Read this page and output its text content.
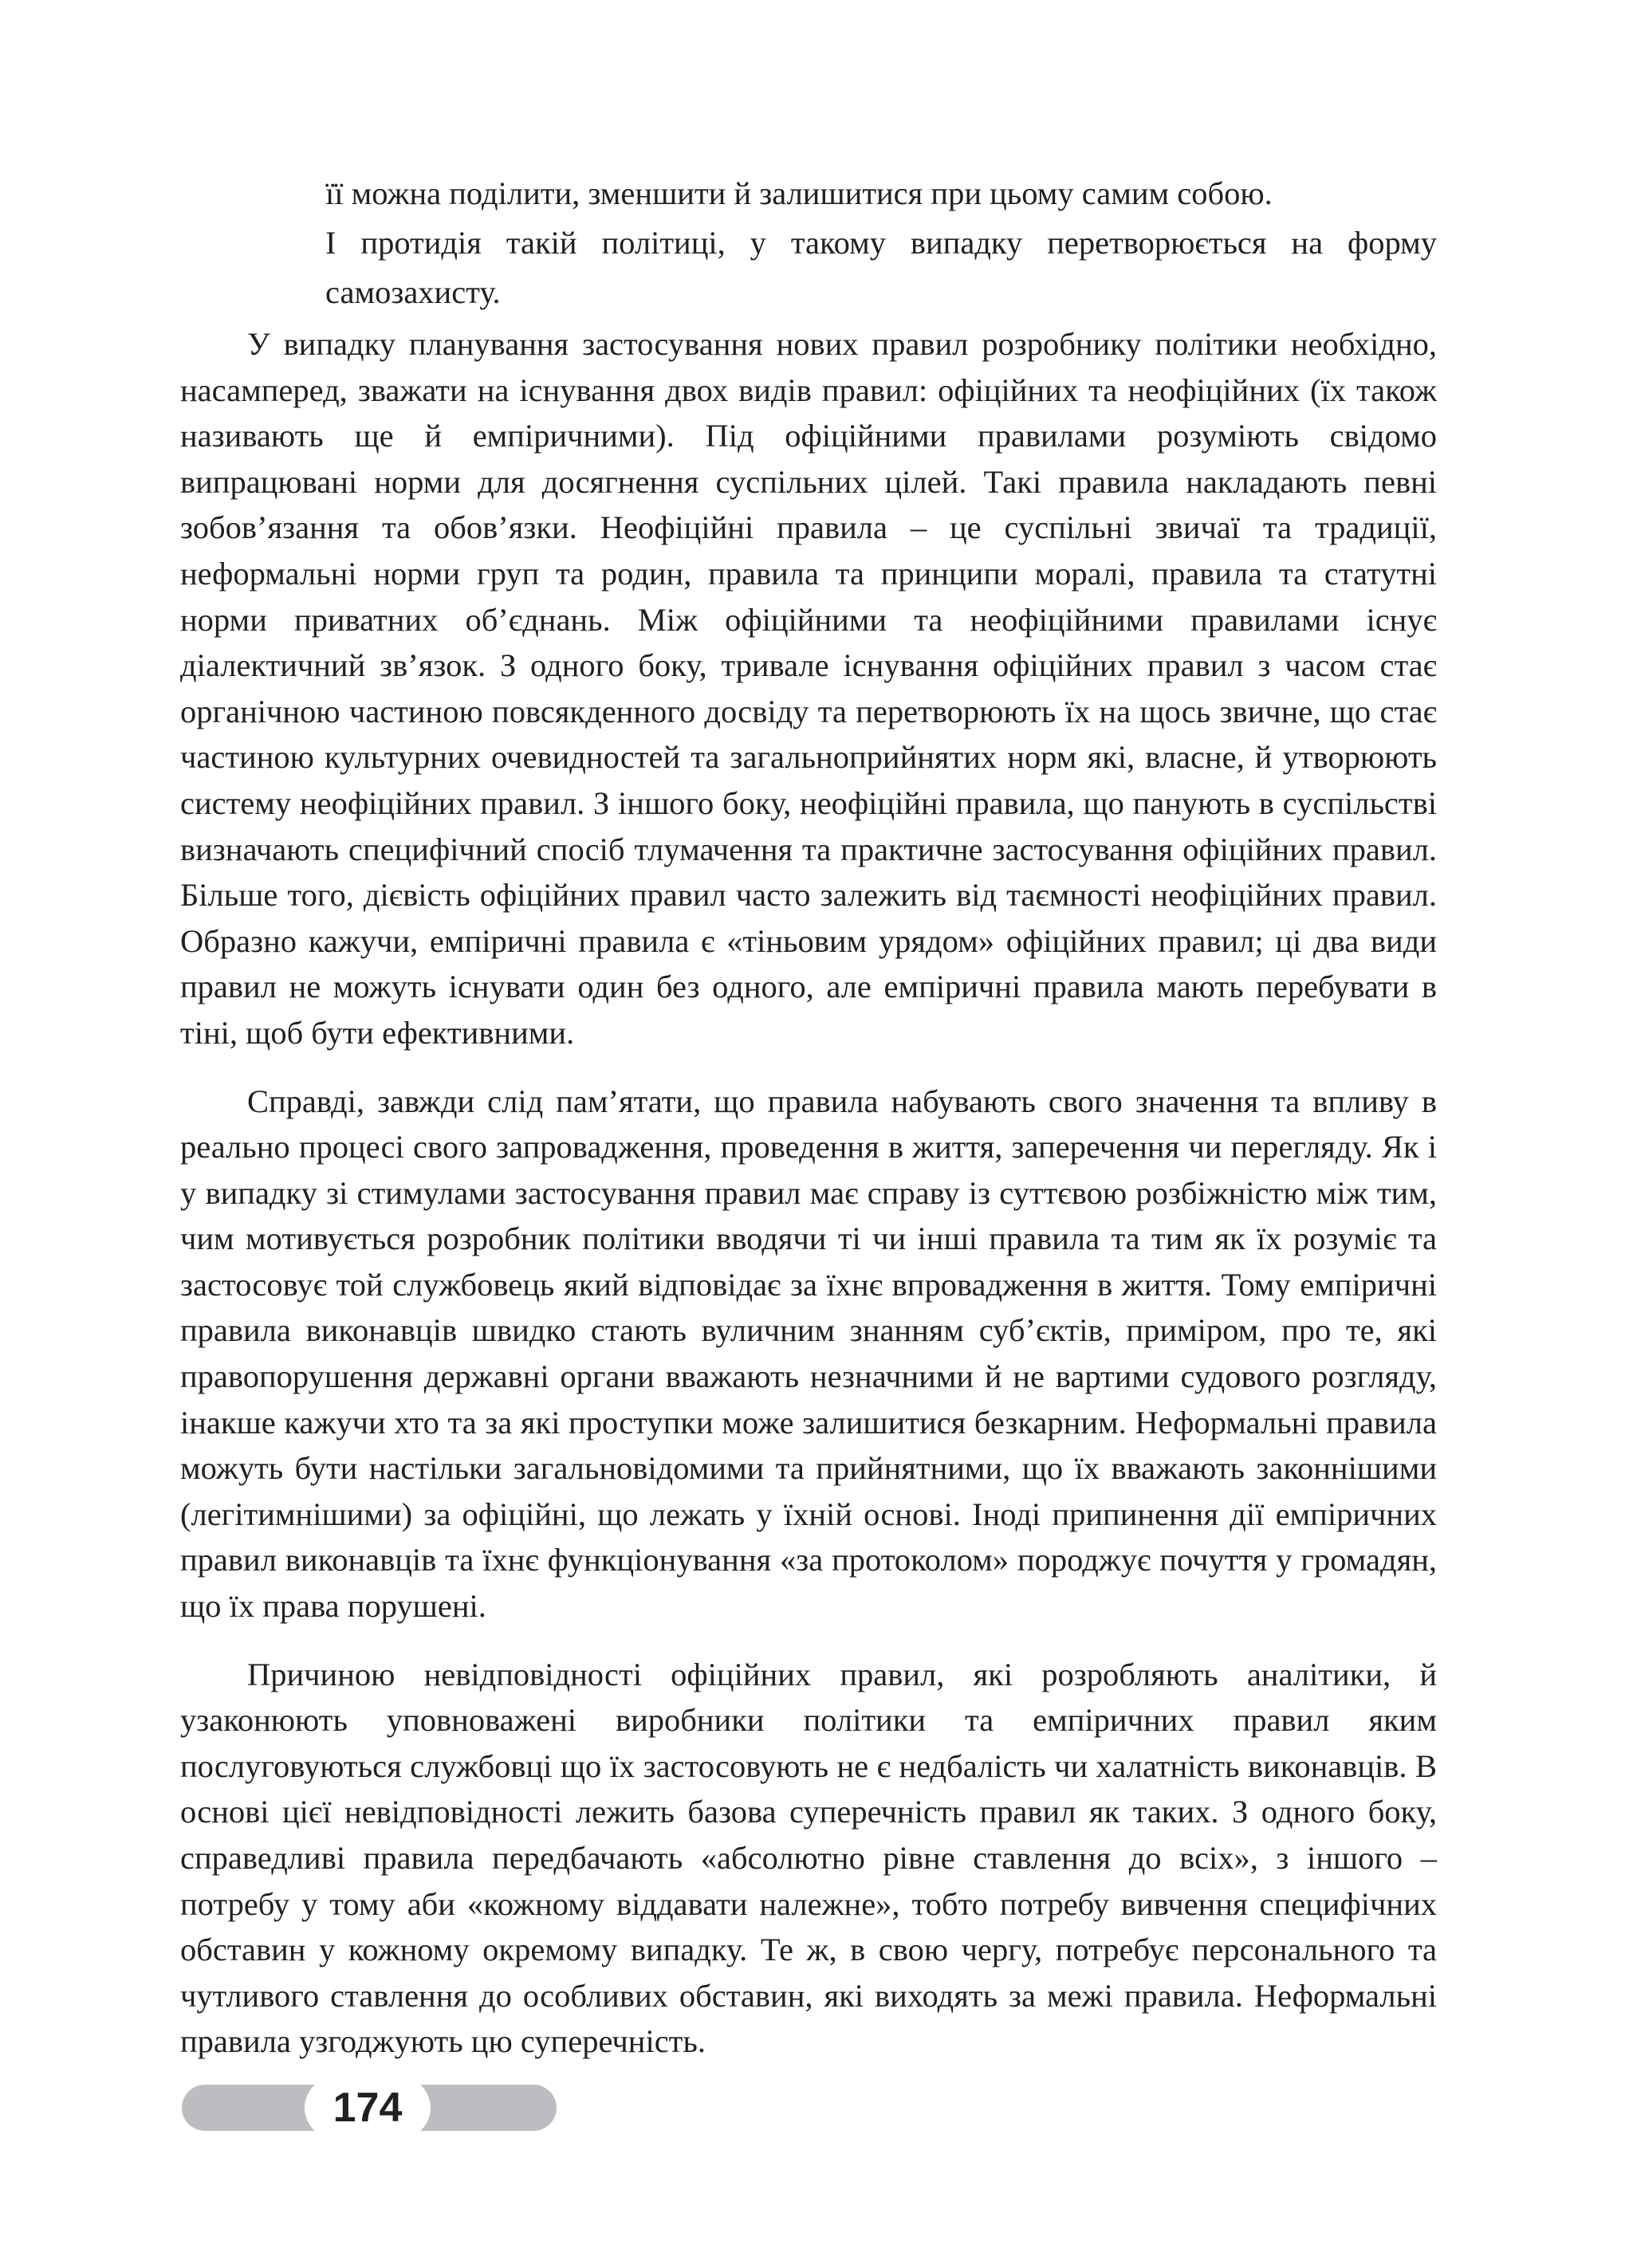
її можна поділити, зменшити й залишитися при цьому самим собою.

І протидія такій політиці, у такому випадку перетворюється на форму самозахисту.

У випадку планування застосування нових правил розробнику політики необхідно, насамперед, зважати на існування двох видів правил: офіційних та неофіційних (їх також називають ще й емпіричними). Під офіційними правилами розуміють свідомо випрацювані норми для досягнення суспільних цілей. Такі правила накладають певні зобов’язання та обов’язки. Неофіційні правила – це суспільні звичаї та традиції, неформальні норми груп та родин, правила та принципи моралі, правила та статутні норми приватних об’єднань. Між офіційними та неофіційними правилами існує діалектичний зв’язок. З одного боку, тривале існування офіційних правил з часом стає органічною частиною повсякденного досвіду та перетворюють їх на щось звичне, що стає частиною культурних очевидностей та загальноприйнятих норм які, власне, й утворюють систему неофіційних правил. З іншого боку, неофіційні правила, що панують в суспільстві визначають специфічний спосіб тлумачення та практичне застосування офіційних правил. Більше того, дієвість офіційних правил часто залежить від таємності неофіційних правил. Образно кажучи, емпіричні правила є «тіньовим урядом» офіційних правил; ці два види правил не можуть існувати один без одного, але емпіричні правила мають перебувати в тіні, щоб бути ефективними.

Справді, завжди слід пам’ятати, що правила набувають свого значення та впливу в реально процесі свого запровадження, проведення в життя, заперечення чи перегляду. Як і у випадку зі стимулами застосування правил має справу із суттєвою розбіжністю між тим, чим мотивується розробник політики вводячи ті чи інші правила та тим як їх розуміє та застосовує той службовець який відповідає за їхнє впровадження в життя. Тому емпіричні правила виконавців швидко стають вуличним знанням суб’єктів, приміром, про те, які правопорушення державні органи вважають незначними й не вартими судового розгляду, інакше кажучи хто та за які проступки може залишитися безкарним. Неформальні правила можуть бути настільки загальновідомими та прийнятними, що їх вважають законнішими (легітимнішими) за офіційні, що лежать у їхній основі. Іноді припинення дії емпіричних правил виконавців та їхнє функціонування «за протоколом» породжує почуття у громадян, що їх права порушені.

Причиною невідповідності офіційних правил, які розробляють аналітики, й узаконюють уповноважені виробники політики та емпіричних правил яким послуговуються службовці що їх застосовують не є недбалість чи халатність виконавців. В основі цієї невідповідності лежить базова суперечність правил як таких. З одного боку, справедливі правила передбачають «абсолютно рівне ставлення до всіх», з іншого – потребу у тому аби «кожному віддавати належне», тобто потребу вивчення специфічних обставин у кожному окремому випадку. Те ж, в свою чергу, потребує персонального та чутливого ставлення до особливих обставин, які виходять за межі правила. Неформальні правила узгоджують цю суперечність.

174
